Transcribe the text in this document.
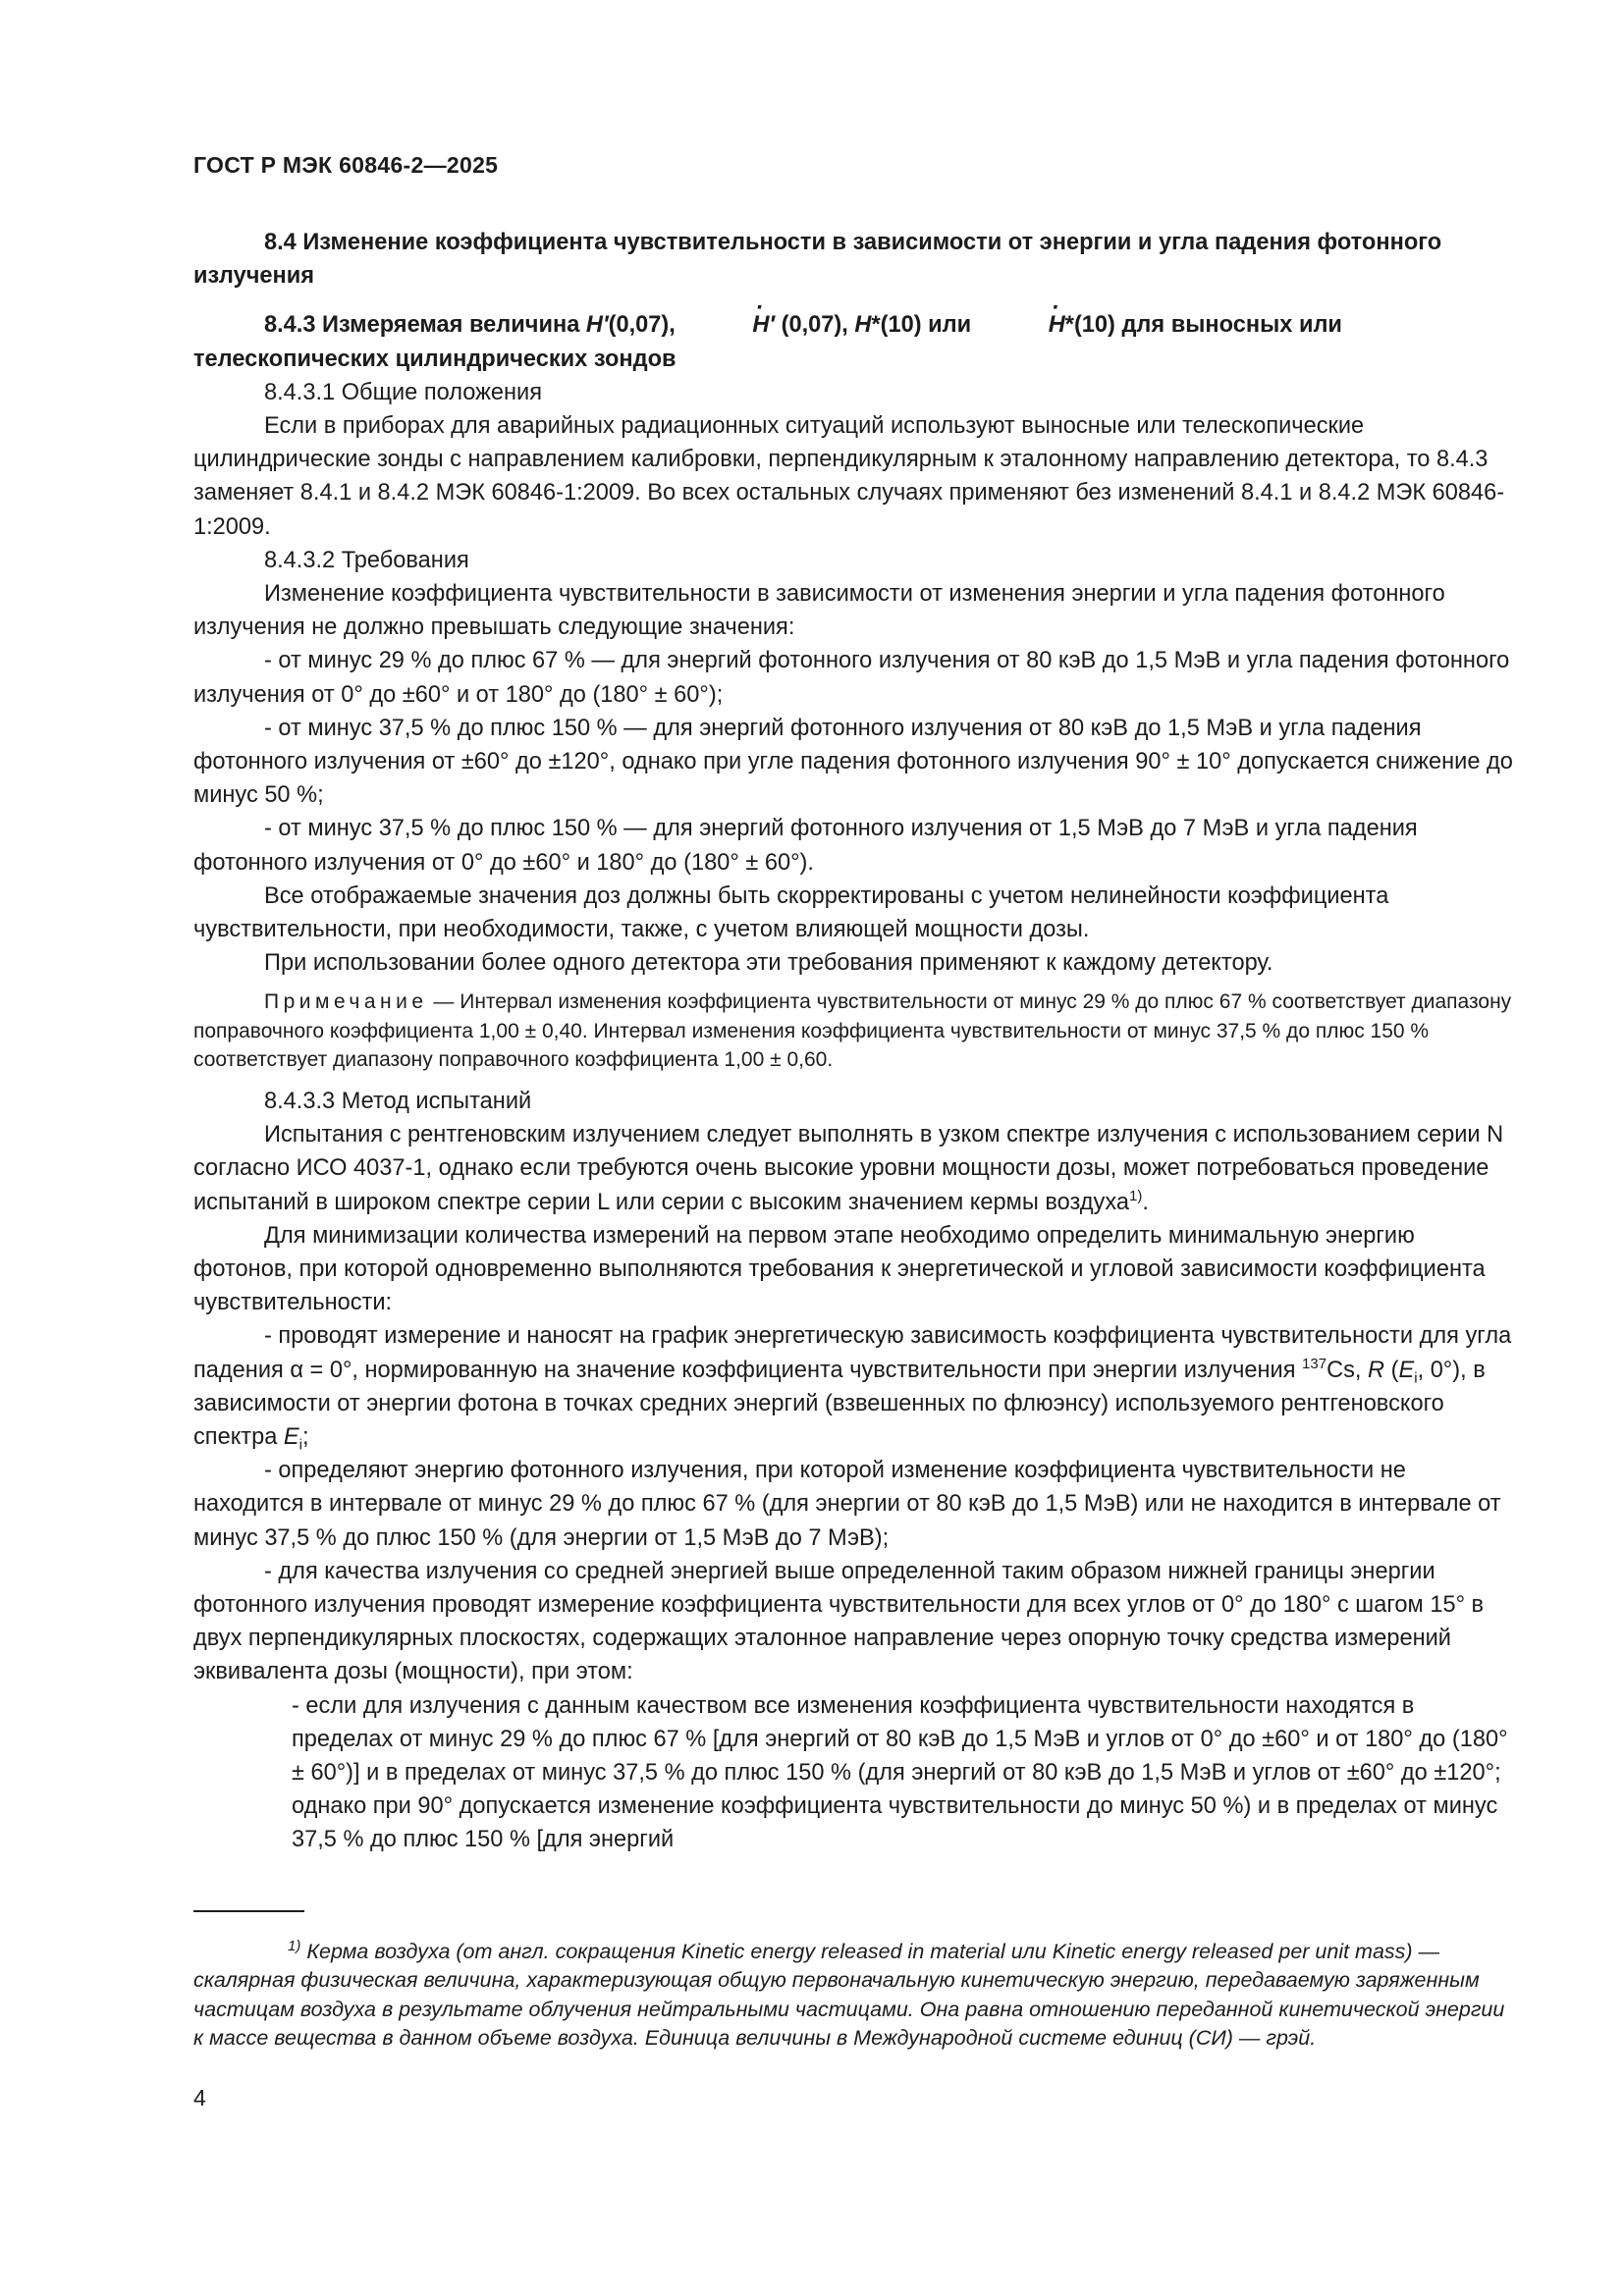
ГОСТ Р МЭК 60846-2—2025

8.4 Изменение коэффициента чувствительности в зависимости от энергии и угла падения фотонного излучения

8.4.3 Измеряемая величина H′(0,07),	· H′ (0,07), H*(10) или	· H*(10) для выносных или телескопических цилиндрических зондов

8.4.3.1 Общие положения

Если в приборах для аварийных радиационных ситуаций используют выносные или телескопические цилиндрические зонды с направлением калибровки, перпендикулярным к эталонному направлению детектора, то 8.4.3 заменяет 8.4.1 и 8.4.2 МЭК 60846-1:2009. Во всех остальных случаях применяют без изменений 8.4.1 и 8.4.2 МЭК 60846-1:2009.

8.4.3.2 Требования

Изменение коэффициента чувствительности в зависимости от изменения энергии и угла падения фотонного излучения не должно превышать следующие значения:

- от минус 29 % до плюс 67 % — для энергий фотонного излучения от 80 кэВ до 1,5 МэВ и угла падения фотонного излучения от 0° до ±60° и от 180° до (180° ± 60°);

- от минус 37,5 % до плюс 150 % — для энергий фотонного излучения от 80 кэВ до 1,5 МэВ и угла падения фотонного излучения от ±60° до ±120°, однако при угле падения фотонного излучения 90° ± 10° допускается снижение до минус 50 %;

- от минус 37,5 % до плюс 150 % — для энергий фотонного излучения от 1,5 МэВ до 7 МэВ и угла падения фотонного излучения от 0° до ±60° и 180° до (180° ± 60°).

Все отображаемые значения доз должны быть скорректированы с учетом нелинейности коэффициента чувствительности, при необходимости, также, с учетом влияющей мощности дозы.

При использовании более одного детектора эти требования применяют к каждому детектору.

Примечание — Интервал изменения коэффициента чувствительности от минус 29 % до плюс 67 % соответствует диапазону поправочного коэффициента 1,00 ± 0,40. Интервал изменения коэффициента чувствительности от минус 37,5 % до плюс 150 % соответствует диапазону поправочного коэффициента 1,00 ± 0,60.

8.4.3.3 Метод испытаний

Испытания с рентгеновским излучением следует выполнять в узком спектре излучения с использованием серии N согласно ИСО 4037-1, однако если требуются очень высокие уровни мощности дозы, может потребоваться проведение испытаний в широком спектре серии L или серии с высоким значением кермы воздуха$^{1)}$.

Для минимизации количества измерений на первом этапе необходимо определить минимальную энергию фотонов, при которой одновременно выполняются требования к энергетической и угловой зависимости коэффициента чувствительности:

- проводят измерение и наносят на график энергетическую зависимость коэффициента чувствительности для угла падения α = 0°, нормированную на значение коэффициента чувствительности при энергии излучения $^{137}$Cs, R ($E_i$, 0°), в зависимости от энергии фотона в точках средних энергий (взвешенных по флюэнсу) используемого рентгеновского спектра $E_i$;

- определяют энергию фотонного излучения, при которой изменение коэффициента чувствительности не находится в интервале от минус 29 % до плюс 67 % (для энергии от 80 кэВ до 1,5 МэВ) или не находится в интервале от минус 37,5 % до плюс 150 % (для энергии от 1,5 МэВ до 7 МэВ);

- для качества излучения со средней энергией выше определенной таким образом нижней границы энергии фотонного излучения проводят измерение коэффициента чувствительности для всех углов от 0° до 180° с шагом 15° в двух перпендикулярных плоскостях, содержащих эталонное направление через опорную точку средства измерений эквивалента дозы (мощности), при этом:

- если для излучения с данным качеством все изменения коэффициента чувствительности находятся в пределах от минус 29 % до плюс 67 % [для энергий от 80 кэВ до 1,5 МэВ и углов от 0° до ±60° и от 180° до (180° ± 60°)] и в пределах от минус 37,5 % до плюс 150 % (для энергий от 80 кэВ до 1,5 МэВ и углов от ±60° до ±120°; однако при 90° допускается изменение коэффициента чувствительности до минус 50 %) и в пределах от минус 37,5 % до плюс 150 % [для энергий

$^{1)}$ Керма воздуха (от англ. сокращения Kinetic energy released in material или Kinetic energy released per unit mass) — скалярная физическая величина, характеризующая общую первоначальную кинетическую энергию, передаваемую заряженным частицам воздуха в результате облучения нейтральными частицами. Она равна отношению переданной кинетической энергии к массе вещества в данном объеме воздуха. Единица величины в Международной системе единиц (СИ) — грэй.

4
